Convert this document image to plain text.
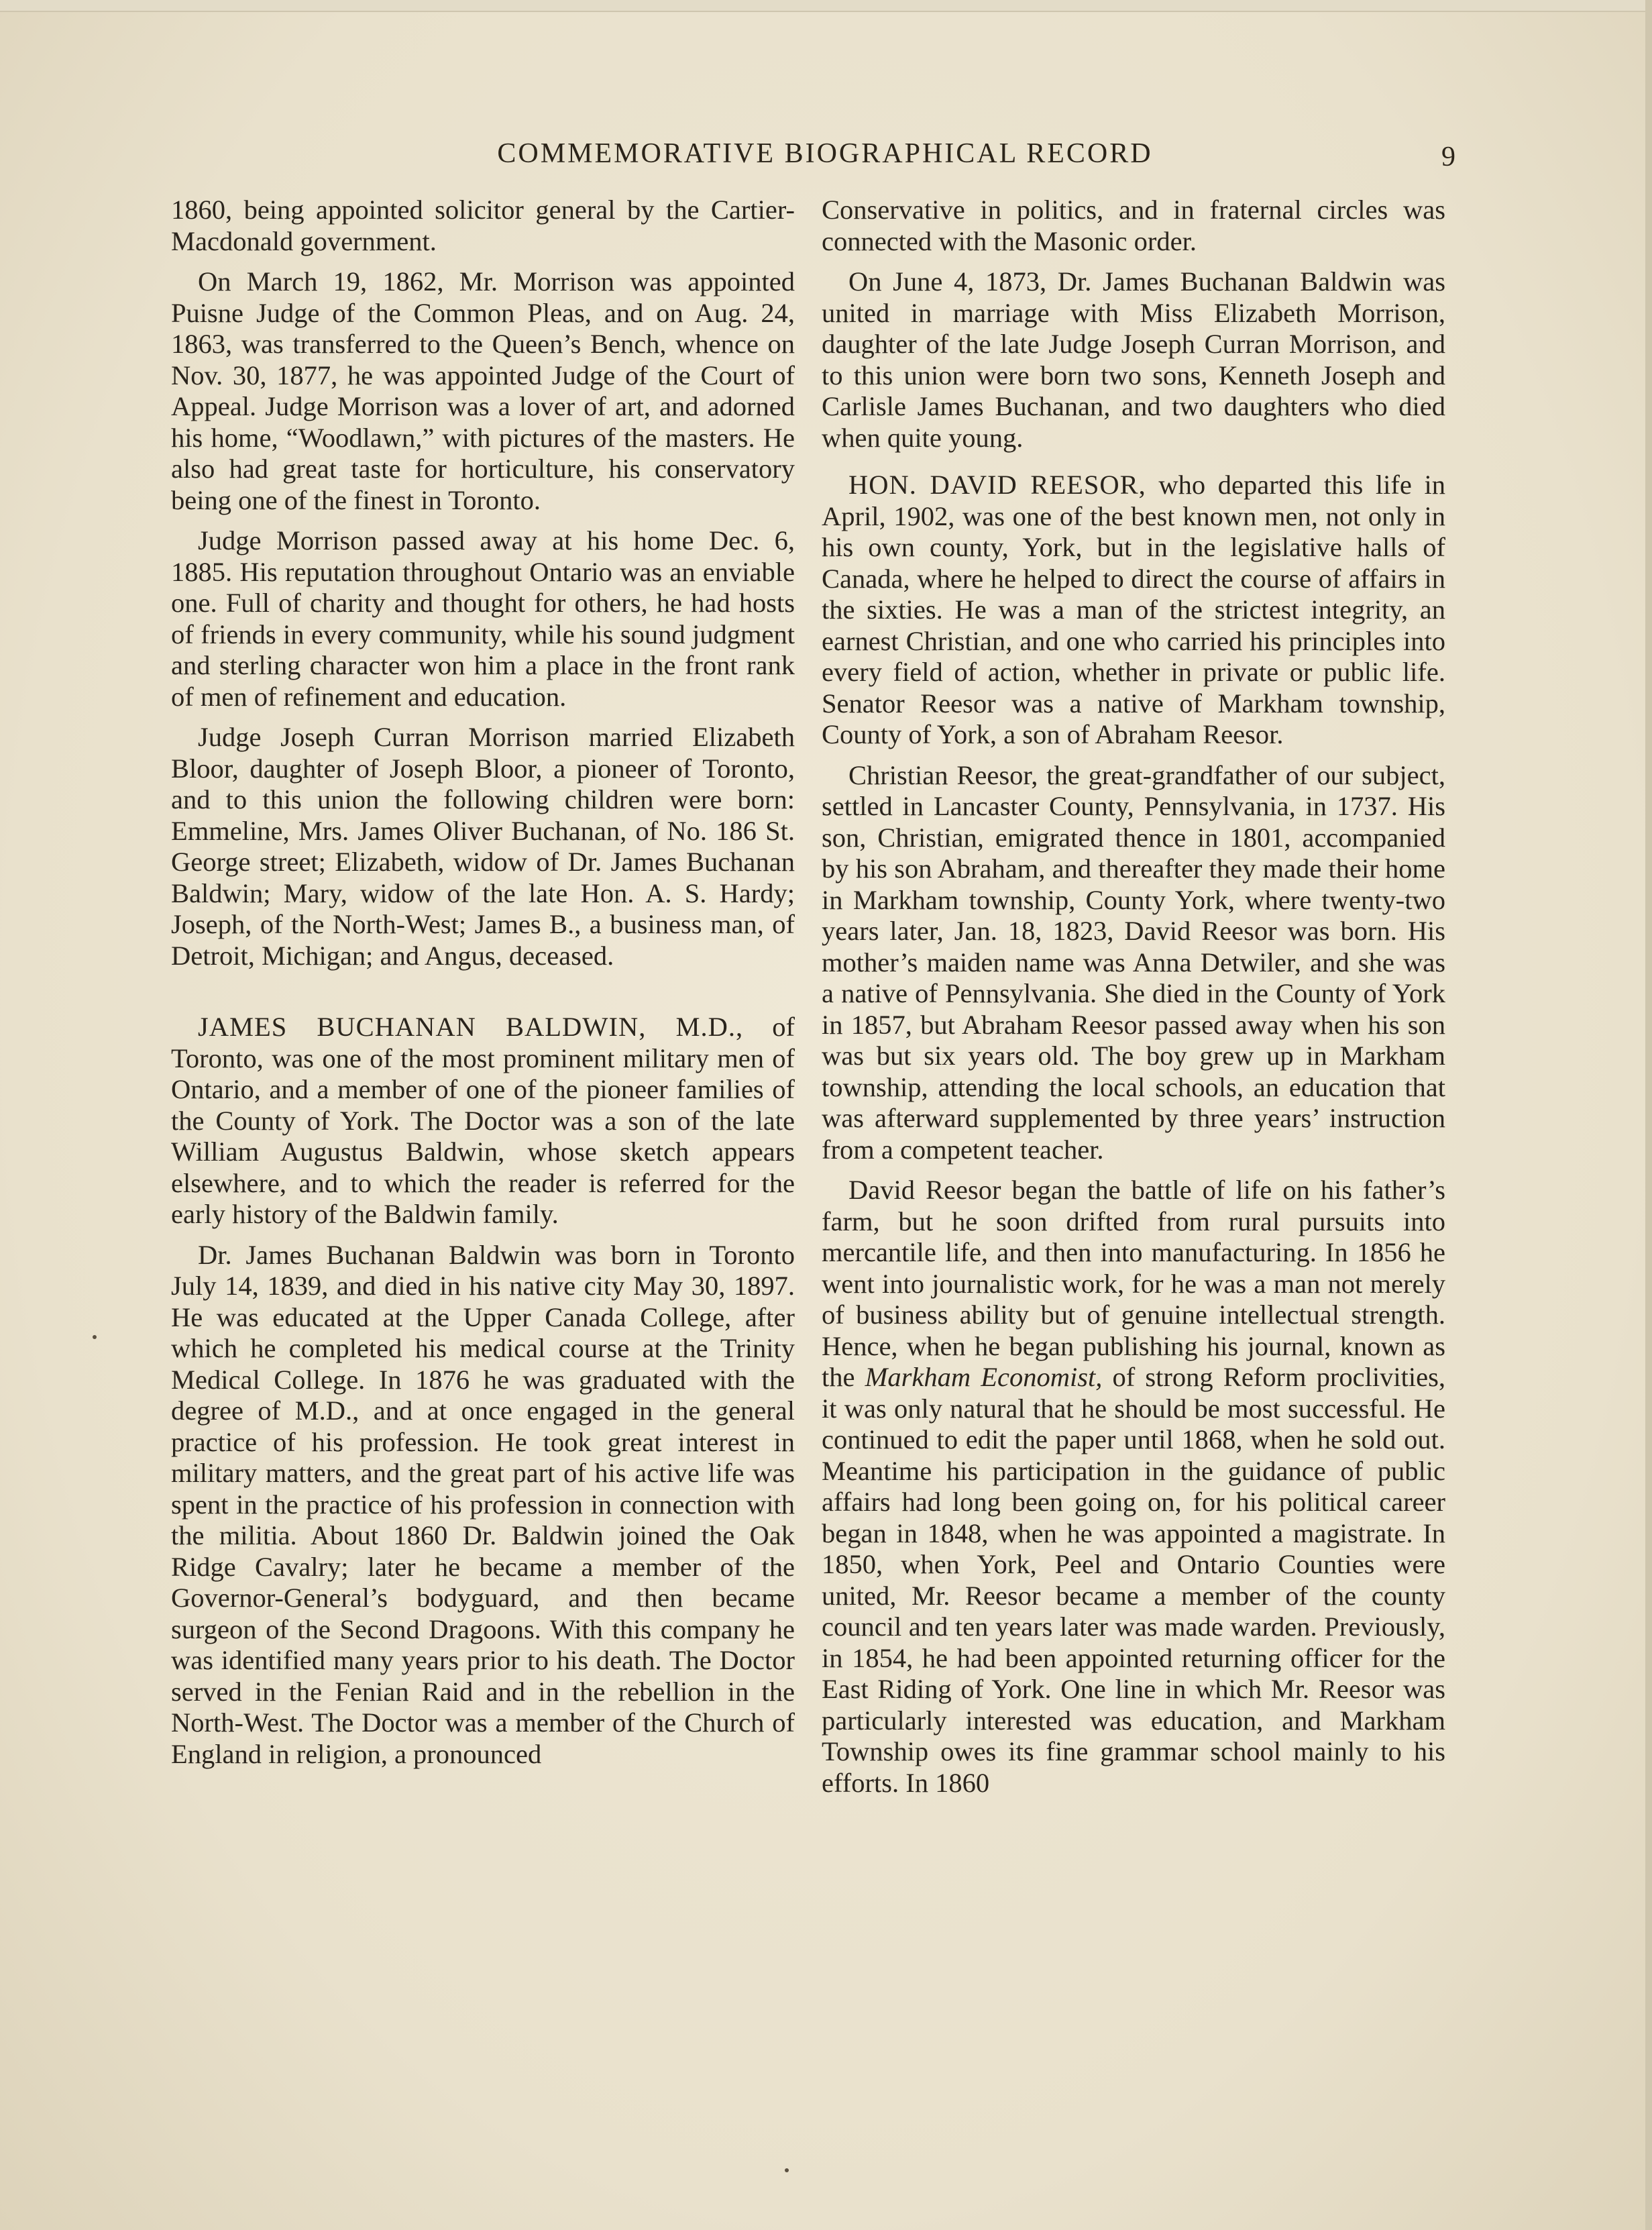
COMMEMORATIVE BIOGRAPHICAL RECORD	9

1860, being appointed solicitor general by the Cartier-Macdonald government.

On March 19, 1862, Mr. Morrison was appointed Puisne Judge of the Common Pleas, and on Aug. 24, 1863, was transferred to the Queen’s Bench, whence on Nov. 30, 1877, he was appointed Judge of the Court of Appeal. Judge Morrison was a lover of art, and adorned his home, “Woodlawn,” with pictures of the masters. He also had great taste for horticulture, his conservatory being one of the finest in Toronto.

Judge Morrison passed away at his home Dec. 6, 1885. His reputation throughout Ontario was an enviable one. Full of charity and thought for others, he had hosts of friends in every community, while his sound judgment and sterling character won him a place in the front rank of men of refinement and education.

Judge Joseph Curran Morrison married Elizabeth Bloor, daughter of Joseph Bloor, a pioneer of Toronto, and to this union the following children were born: Emmeline, Mrs. James Oliver Buchanan, of No. 186 St. George street; Elizabeth, widow of Dr. James Buchanan Baldwin; Mary, widow of the late Hon. A. S. Hardy; Joseph, of the North-West; James B., a business man, of Detroit, Michigan; and Angus, deceased.

JAMES BUCHANAN BALDWIN, M.D., of Toronto, was one of the most prominent military men of Ontario, and a member of one of the pioneer families of the County of York. The Doctor was a son of the late William Augustus Baldwin, whose sketch appears elsewhere, and to which the reader is referred for the early history of the Baldwin family.

Dr. James Buchanan Baldwin was born in Toronto July 14, 1839, and died in his native city May 30, 1897. He was educated at the Upper Canada College, after which he completed his medical course at the Trinity Medical College. In 1876 he was graduated with the degree of M.D., and at once engaged in the general practice of his profession. He took great interest in military matters, and the great part of his active life was spent in the practice of his profession in connection with the militia. About 1860 Dr. Baldwin joined the Oak Ridge Cavalry; later he became a member of the Governor-General’s bodyguard, and then became surgeon of the Second Dragoons. With this company he was identified many years prior to his death. The Doctor served in the Fenian Raid and in the rebellion in the North-West. The Doctor was a member of the Church of England in religion, a pronounced

Conservative in politics, and in fraternal circles was connected with the Masonic order.

On June 4, 1873, Dr. James Buchanan Baldwin was united in marriage with Miss Elizabeth Morrison, daughter of the late Judge Joseph Curran Morrison, and to this union were born two sons, Kenneth Joseph and Carlisle James Buchanan, and two daughters who died when quite young.

HON. DAVID REESOR, who departed this life in April, 1902, was one of the best known men, not only in his own county, York, but in the legislative halls of Canada, where he helped to direct the course of affairs in the sixties. He was a man of the strictest integrity, an earnest Christian, and one who carried his principles into every field of action, whether in private or public life. Senator Reesor was a native of Markham township, County of York, a son of Abraham Reesor.

Christian Reesor, the great-grandfather of our subject, settled in Lancaster County, Pennsylvania, in 1737. His son, Christian, emigrated thence in 1801, accompanied by his son Abraham, and thereafter they made their home in Markham township, County York, where twenty-two years later, Jan. 18, 1823, David Reesor was born. His mother’s maiden name was Anna Detwiler, and she was a native of Pennsylvania. She died in the County of York in 1857, but Abraham Reesor passed away when his son was but six years old. The boy grew up in Markham township, attending the local schools, an education that was afterward supplemented by three years’ instruction from a competent teacher.

David Reesor began the battle of life on his father’s farm, but he soon drifted from rural pursuits into mercantile life, and then into manufacturing. In 1856 he went into journalistic work, for he was a man not merely of business ability but of genuine intellectual strength. Hence, when he began publishing his journal, known as the Markham Economist, of strong Reform proclivities, it was only natural that he should be most successful. He continued to edit the paper until 1868, when he sold out. Meantime his participation in the guidance of public affairs had long been going on, for his political career began in 1848, when he was appointed a magistrate. In 1850, when York, Peel and Ontario Counties were united, Mr. Reesor became a member of the county council and ten years later was made warden. Previously, in 1854, he had been appointed returning officer for the East Riding of York. One line in which Mr. Reesor was particularly interested was education, and Markham Township owes its fine grammar school mainly to his efforts. In 1860
